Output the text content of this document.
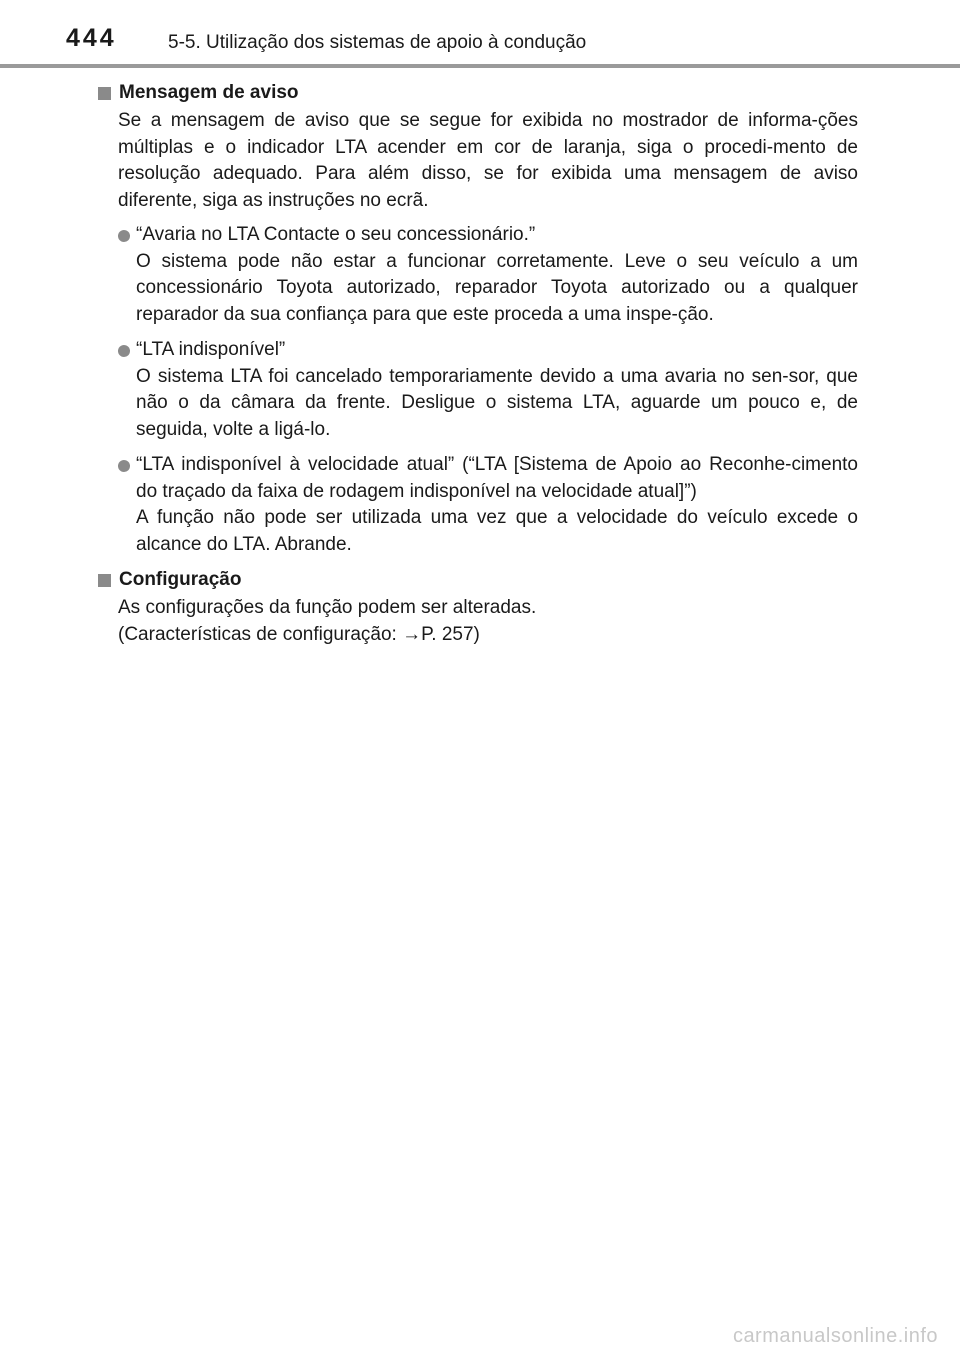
444	5-5. Utilização dos sistemas de apoio à condução
Mensagem de aviso
Se a mensagem de aviso que se segue for exibida no mostrador de informa-ções múltiplas e o indicador LTA acender em cor de laranja, siga o procedi-mento de resolução adequado. Para além disso, se for exibida uma mensagem de aviso diferente, siga as instruções no ecrã.
“Avaria no LTA Contacte o seu concessionário.”
O sistema pode não estar a funcionar corretamente. Leve o seu veículo a um concessionário Toyota autorizado, reparador Toyota autorizado ou a qualquer reparador da sua confiança para que este proceda a uma inspe-ção.
“LTA indisponível”
O sistema LTA foi cancelado temporariamente devido a uma avaria no sen-sor, que não o da câmara da frente. Desligue o sistema LTA, aguarde um pouco e, de seguida, volte a ligá-lo.
“LTA indisponível à velocidade atual” (“LTA [Sistema de Apoio ao Reconhe-cimento do traçado da faixa de rodagem indisponível na velocidade atual]”)
A função não pode ser utilizada uma vez que a velocidade do veículo excede o alcance do LTA. Abrande.
Configuração
As configurações da função podem ser alteradas.
(Características de configuração: →P. 257)
carmanualsonline.info
